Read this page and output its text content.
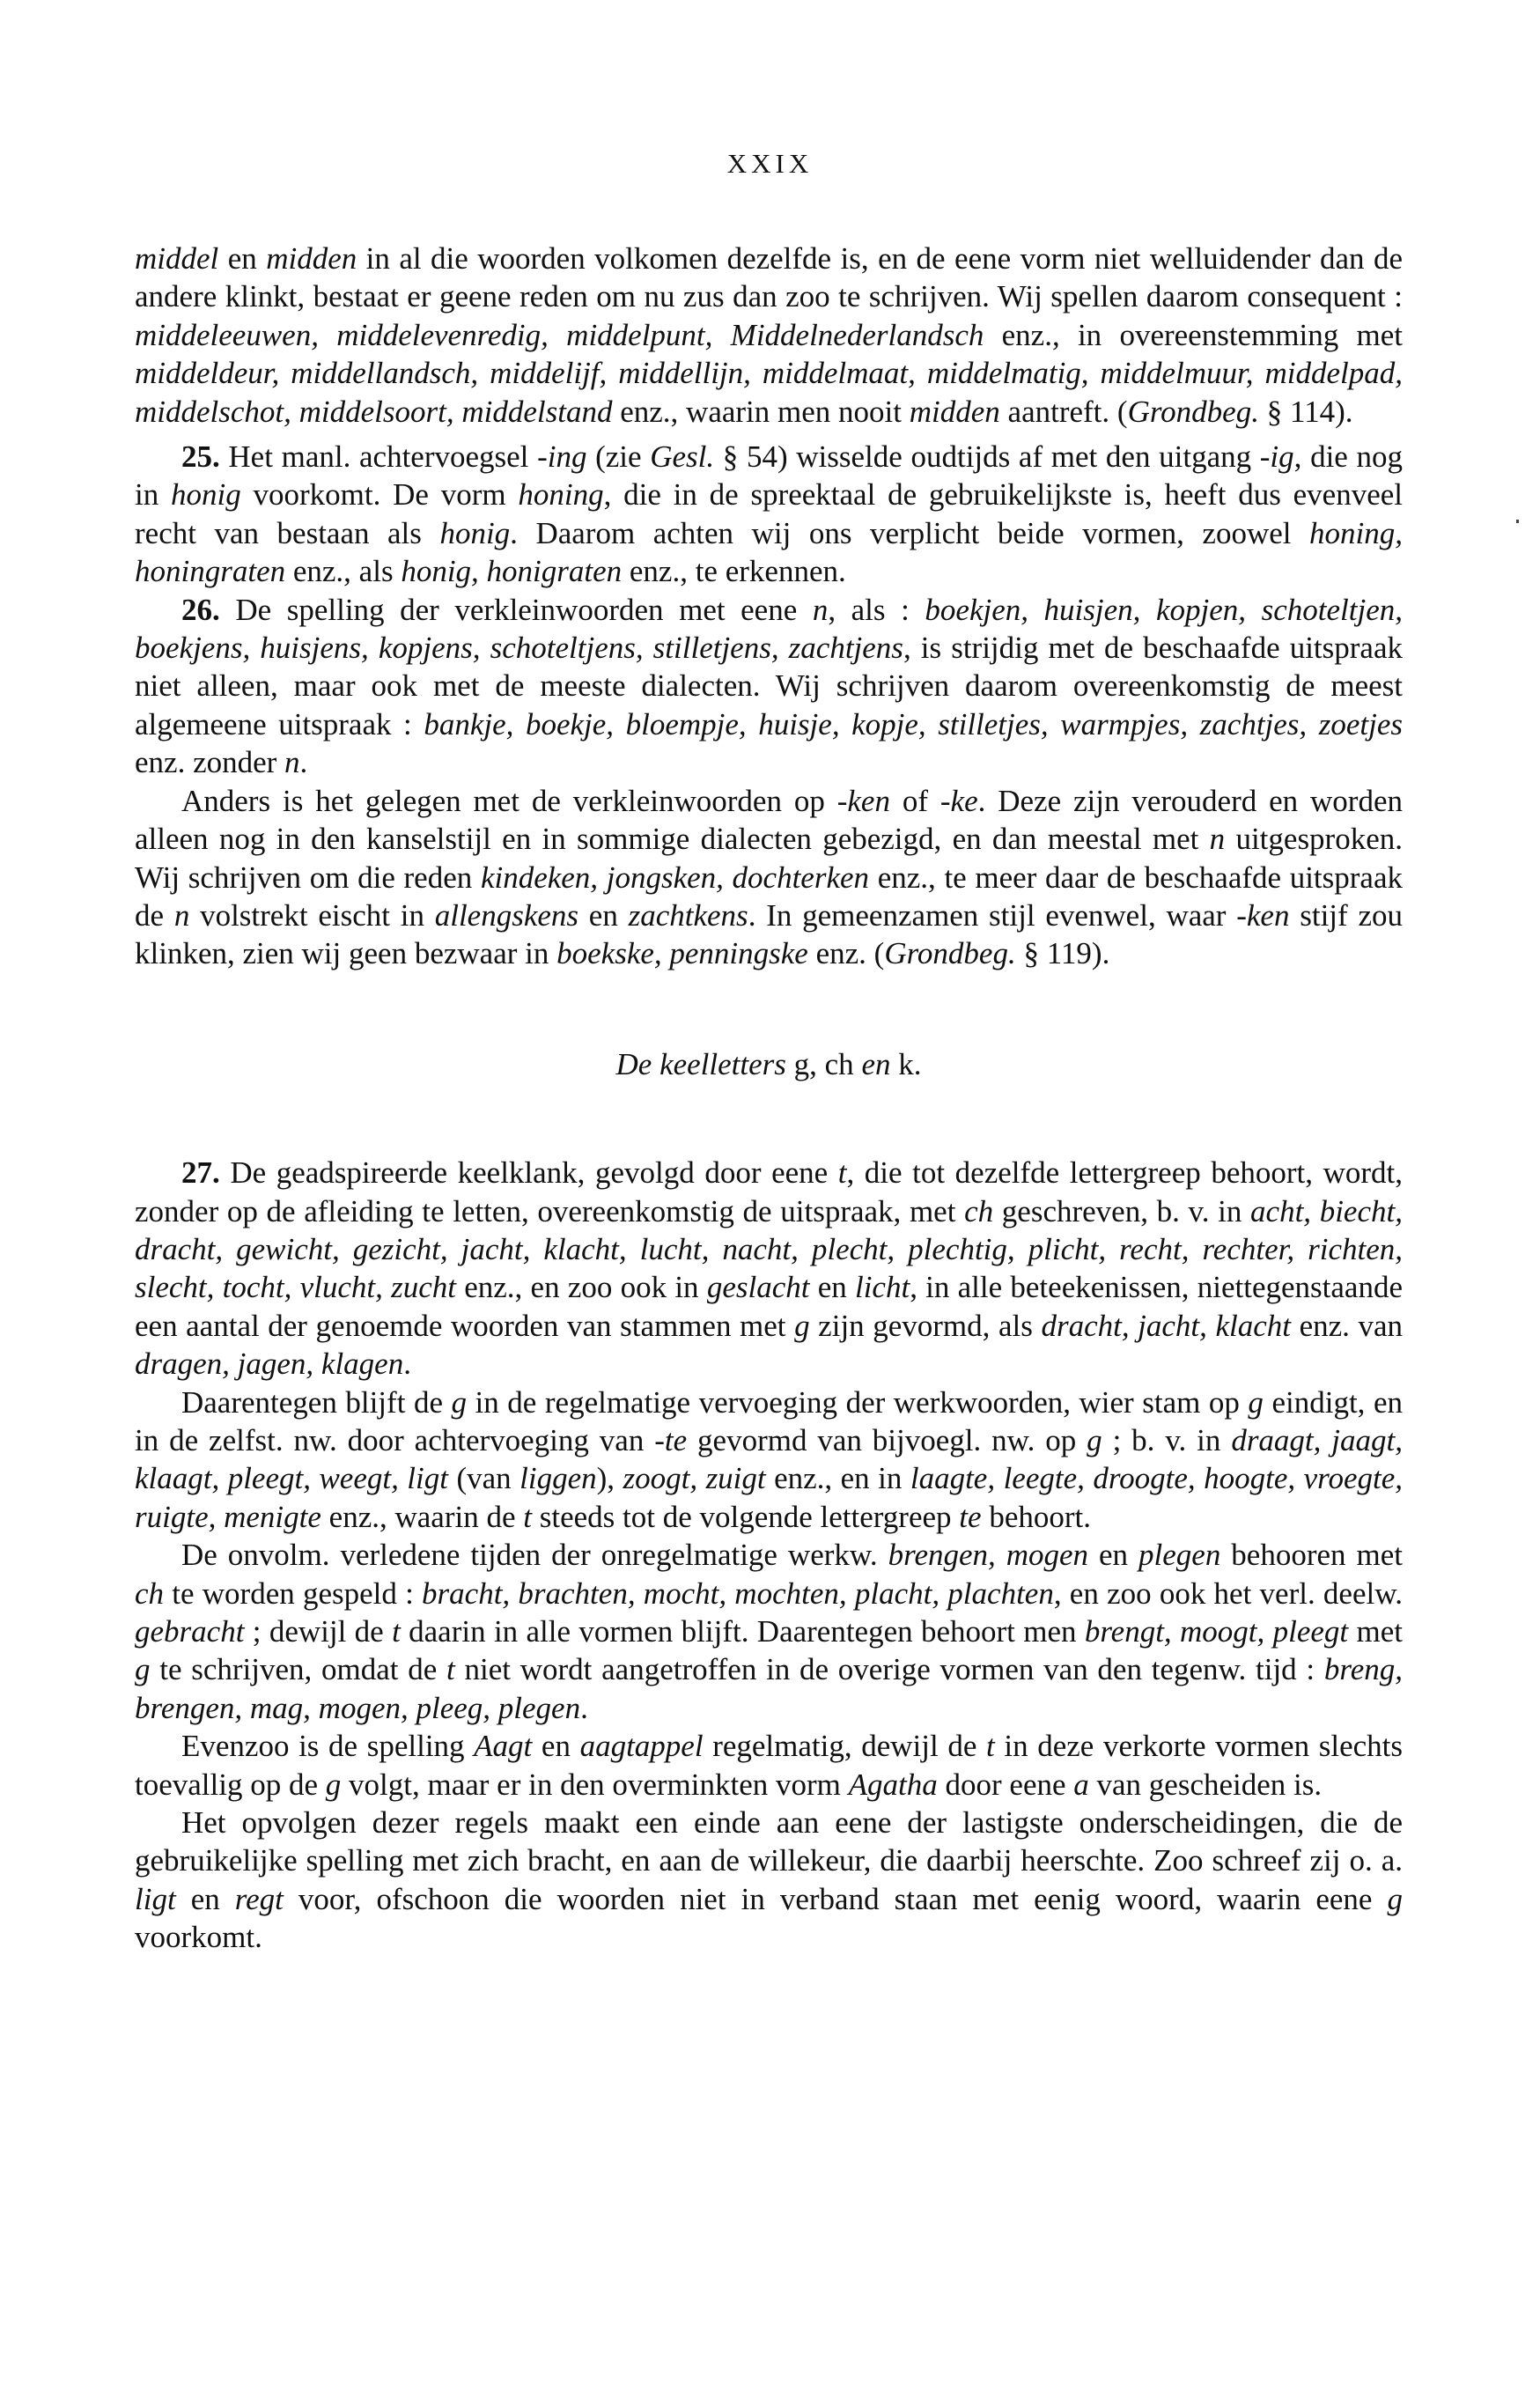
XXIX

middel en midden in al die woorden volkomen dezelfde is, en de eene vorm niet welluidender dan de andere klinkt, bestaat er geene reden om nu zus dan zoo te schrijven. Wij spellen daarom consequent : middeleeuwen, middelevenredig, middelpunt, Middelnederlandsch enz., in overeenstemming met middeldeur, middellandsch, middelijf, middellijn, middelmaat, middelmatig, middelmuur, middelpad, middelschot, middelsoort, middelstand enz., waarin men nooit midden aantreft. (Grondbeg. § 114).

25. Het manl. achtervoegsel -ing (zie Gesl. § 54) wisselde oudtijds af met den uitgang -ig, die nog in honig voorkomt. De vorm honing, die in de spreektaal de gebruikelijkste is, heeft dus evenveel recht van bestaan als honig. Daarom achten wij ons verplicht beide vormen, zoowel honing, honingraten enz., als honig, honigraten enz., te erkennen.

26. De spelling der verkleinwoorden met eene n, als : boekjen, huisjen, kopjen, schoteltjen, boekjens, huisjens, kopjens, schoteltjens, stilletjens, zachtjens, is strijdig met de beschaafde uitspraak niet alleen, maar ook met de meeste dialecten. Wij schrijven daarom overeenkomstig de meest algemeene uitspraak : bankje, boekje, bloempje, huisje, kopje, stilletjes, warmpjes, zachtjes, zoetjes enz. zonder n.

Anders is het gelegen met de verkleinwoorden op -ken of -ke. Deze zijn verouderd en worden alleen nog in den kanselstijl en in sommige dialecten gebezigd, en dan meestal met n uitgesproken. Wij schrijven om die reden kindeken, jongsken, dochterken enz., te meer daar de beschaafde uitspraak de n volstrekt eischt in allengskens en zachtkens. In gemeenzamen stijl evenwel, waar -ken stijf zou klinken, zien wij geen bezwaar in boekske, penningske enz. (Grondbeg. § 119).

De keelletters g, ch en k.

27. De geadspireerde keelklank, gevolgd door eene t, die tot dezelfde lettergreep behoort, wordt, zonder op de afleiding te letten, overeenkomstig de uitspraak, met ch geschreven, b. v. in acht, biecht, dracht, gewicht, gezicht, jacht, klacht, lucht, nacht, plecht, plechtig, plicht, recht, rechter, richten, slecht, tocht, vlucht, zucht enz., en zoo ook in geslacht en licht, in alle beteekenissen, niettegenstaande een aantal der genoemde woorden van stammen met g zijn gevormd, als dracht, jacht, klacht enz. van dragen, jagen, klagen.

Daarentegen blijft de g in de regelmatige vervoeging der werkwoorden, wier stam op g eindigt, en in de zelfst. nw. door achtervoeging van -te gevormd van bijvoegl. nw. op g ; b. v. in draagt, jaagt, klaagt, pleegt, weegt, ligt (van liggen), zoogt, zuigt enz., en in laagte, leegte, droogte, hoogte, vroegte, ruigte, menigte enz., waarin de t steeds tot de volgende lettergreep te behoort.

De onvolm. verledene tijden der onregelmatige werkw. brengen, mogen en plegen behooren met ch te worden gespeld : bracht, brachten, mocht, mochten, placht, plachten, en zoo ook het verl. deelw. gebracht ; dewijl de t daarin in alle vormen blijft. Daarentegen behoort men brengt, moogt, pleegt met g te schrijven, omdat de t niet wordt aangetroffen in de overige vormen van den tegenw. tijd : breng, brengen, mag, mogen, pleeg, plegen.

Evenzoo is de spelling Aagt en aagtappel regelmatig, dewijl de t in deze verkorte vormen slechts toevallig op de g volgt, maar er in den overminkten vorm Agatha door eene a van gescheiden is.

Het opvolgen dezer regels maakt een einde aan eene der lastigste onderscheidingen, die de gebruikelijke spelling met zich bracht, en aan de willekeur, die daarbij heerschte. Zoo schreef zij o. a. ligt en regt voor, ofschoon die woorden niet in verband staan met eenig woord, waarin eene g voorkomt.
